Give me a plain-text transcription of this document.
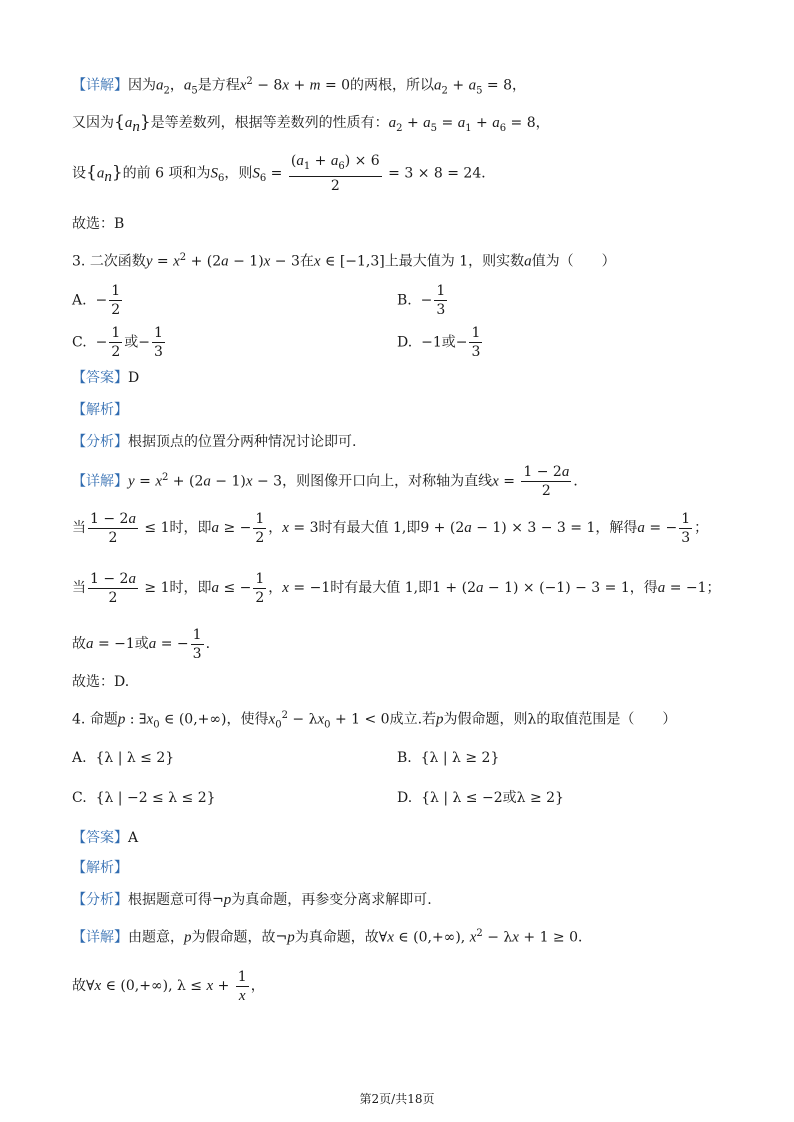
【详解】因为$a_2$，$a_5$是方程$x^2 - 8x + m = 0$的两根，所以$a_2 + a_5 = 8$，
又因为$\{a_n\}$是等差数列，根据等差数列的性质有：$a_2 + a_5 = a_1 + a_6 = 8$，
设$\{a_n\}$的前 6 项和为$S_6$，则$S_6 = \frac{(a_1 + a_6) \times 6}{2} = 3 \times 8 = 24$．
故选：B
3. 二次函数$y = x^2 + (2a - 1)x - 3$在x ∈ [−1,3]上最大值为 1，则实数a值为（　　）
A.  − $\frac{1}{2}$	B.  − $\frac{1}{3}$
C.  − $\frac{1}{2}$ 或− $\frac{1}{3}$	D.  −1或− $\frac{1}{3}$
【答案】D
【解析】
【分析】根据顶点的位置分两种情况讨论即可.
【详解】$y = x^2 + (2a - 1)x - 3$，则图像开口向上，对称轴为直线$x = \frac{1 - 2a}{2}$ ．
当 $\frac{1 - 2a}{2} \le 1$时，即a ≥ − $\frac{1}{2}$ ，x = 3时有最大值 1,即9 + (2a − 1) × 3 − 3 = 1，解得a = − $\frac{1}{3}$ ；
当 $\frac{1 - 2a}{2} \ge 1$时，即a ≤ − $\frac{1}{2}$ ，x = −1时有最大值 1,即1 + (2a − 1) × (−1) − 3 = 1，得a = −1；
故a = −1或a = − $\frac{1}{3}$ .
故选：D.
4. 命题p : $\exists x_0$ ∈ (0,+∞)，使得$x_0^2 - \lambda x_0 + 1 < 0$成立.若p为假命题，则λ的取值范围是（　　）
A.  {λ | λ ≤ 2}	B.  {λ | λ ≥ 2}
C.  {λ | −2 ≤ λ ≤ 2}	D.  {λ | λ ≤ −2或λ ≥ 2}
【答案】A
【解析】
【分析】根据题意可得¬p为真命题，再参变分离求解即可.
【详解】由题意，p为假命题，故¬p为真命题，故∀x ∈ (0,+∞), $x^2 - \lambda x + 1 \ge 0$．
故∀x ∈ (0,+∞), $\lambda \le x + \frac{1}{x}$ ，
第2页/共18页
